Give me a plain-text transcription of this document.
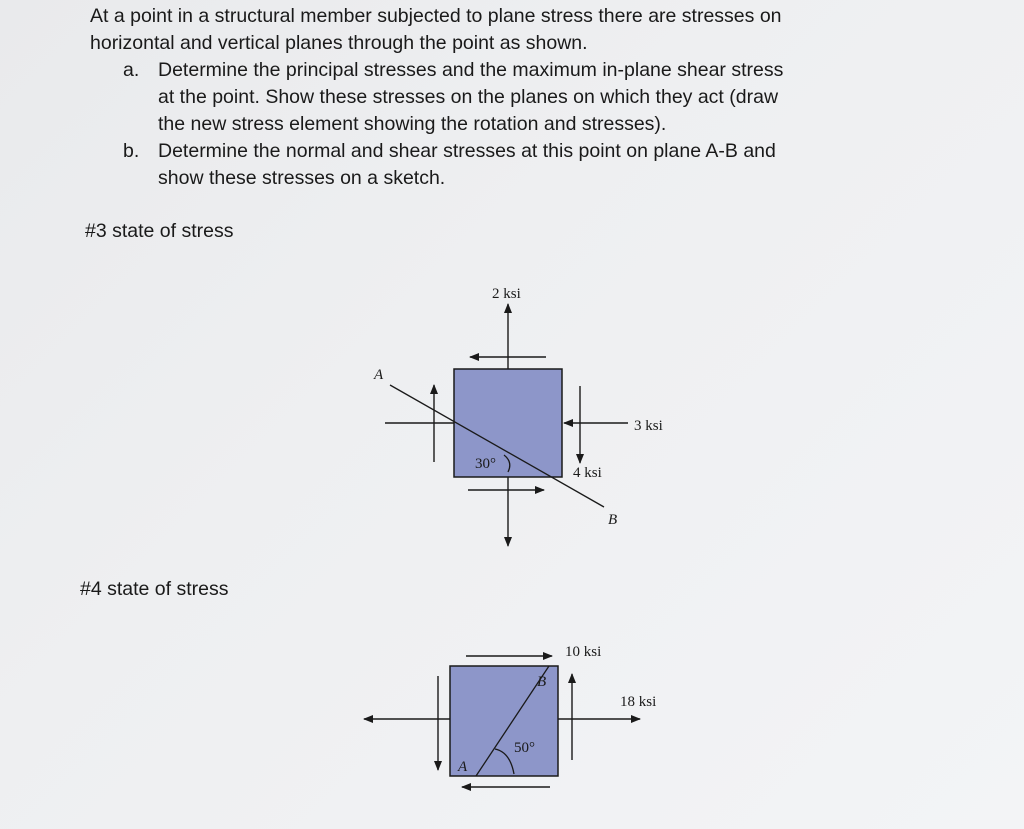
At a point in a structural member subjected to plane stress there are stresses on
horizontal and vertical planes through the point as shown.
a. Determine the principal stresses and the maximum in-plane shear stress
at the point. Show these stresses on the planes on which they act (draw
the new stress element showing the rotation and stresses).
b. Determine the normal and shear stresses at this point on plane A-B and
show these stresses on a sketch.
#3 state of stress
#4 state of stress
2 ksi
3 ksi
4 ksi
30°
A
B
10 ksi
18 ksi
50°
A
B
